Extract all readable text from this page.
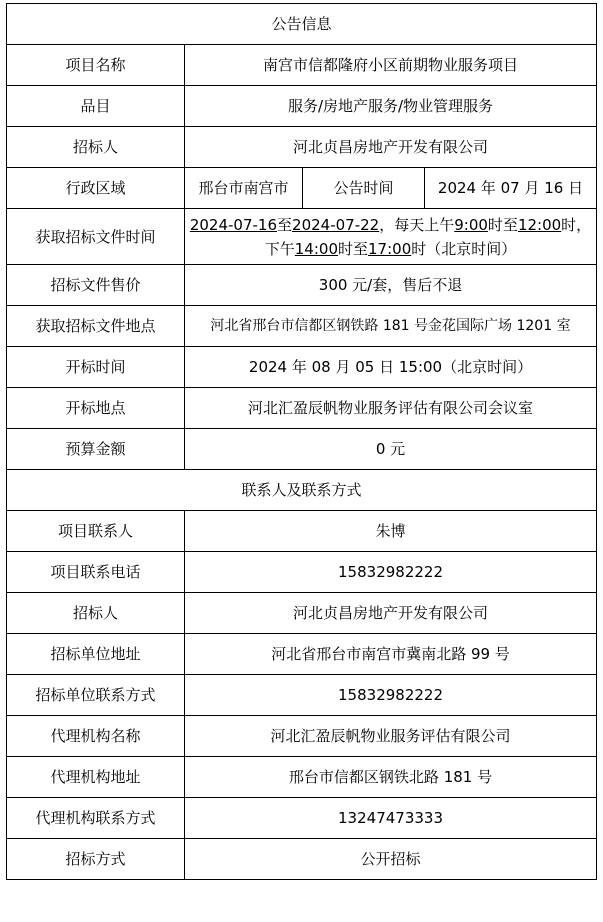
公告信息			
项目名称	南宫市信都隆府小区前期物业服务项目		
品目	服务/房地产服务/物业管理服务		
招标人	河北贞昌房地产开发有限公司		
行政区域	邢台市南宫市	公告时间	2024 年 07 月 16 日
获取招标文件时间	2024-07-16至2024-07-22，每天上午9:00时至12:00时，下午14:00时至17:00时（北京时间）		
招标文件售价	300 元/套，售后不退		
获取招标文件地点	河北省邢台市信都区钢铁路 181 号金花国际广场 1201 室		
开标时间	2024 年 08 月 05 日 15:00（北京时间）		
开标地点	河北汇盈辰帆物业服务评估有限公司会议室		
预算金额	0 元		
联系人及联系方式			
项目联系人	朱博		
项目联系电话	15832982222		
招标人	河北贞昌房地产开发有限公司		
招标单位地址	河北省邢台市南宫市冀南北路 99 号		
招标单位联系方式	15832982222		
代理机构名称	河北汇盈辰帆物业服务评估有限公司		
代理机构地址	邢台市信都区钢铁北路 181 号		
代理机构联系方式	13247473333		
招标方式	公开招标		
